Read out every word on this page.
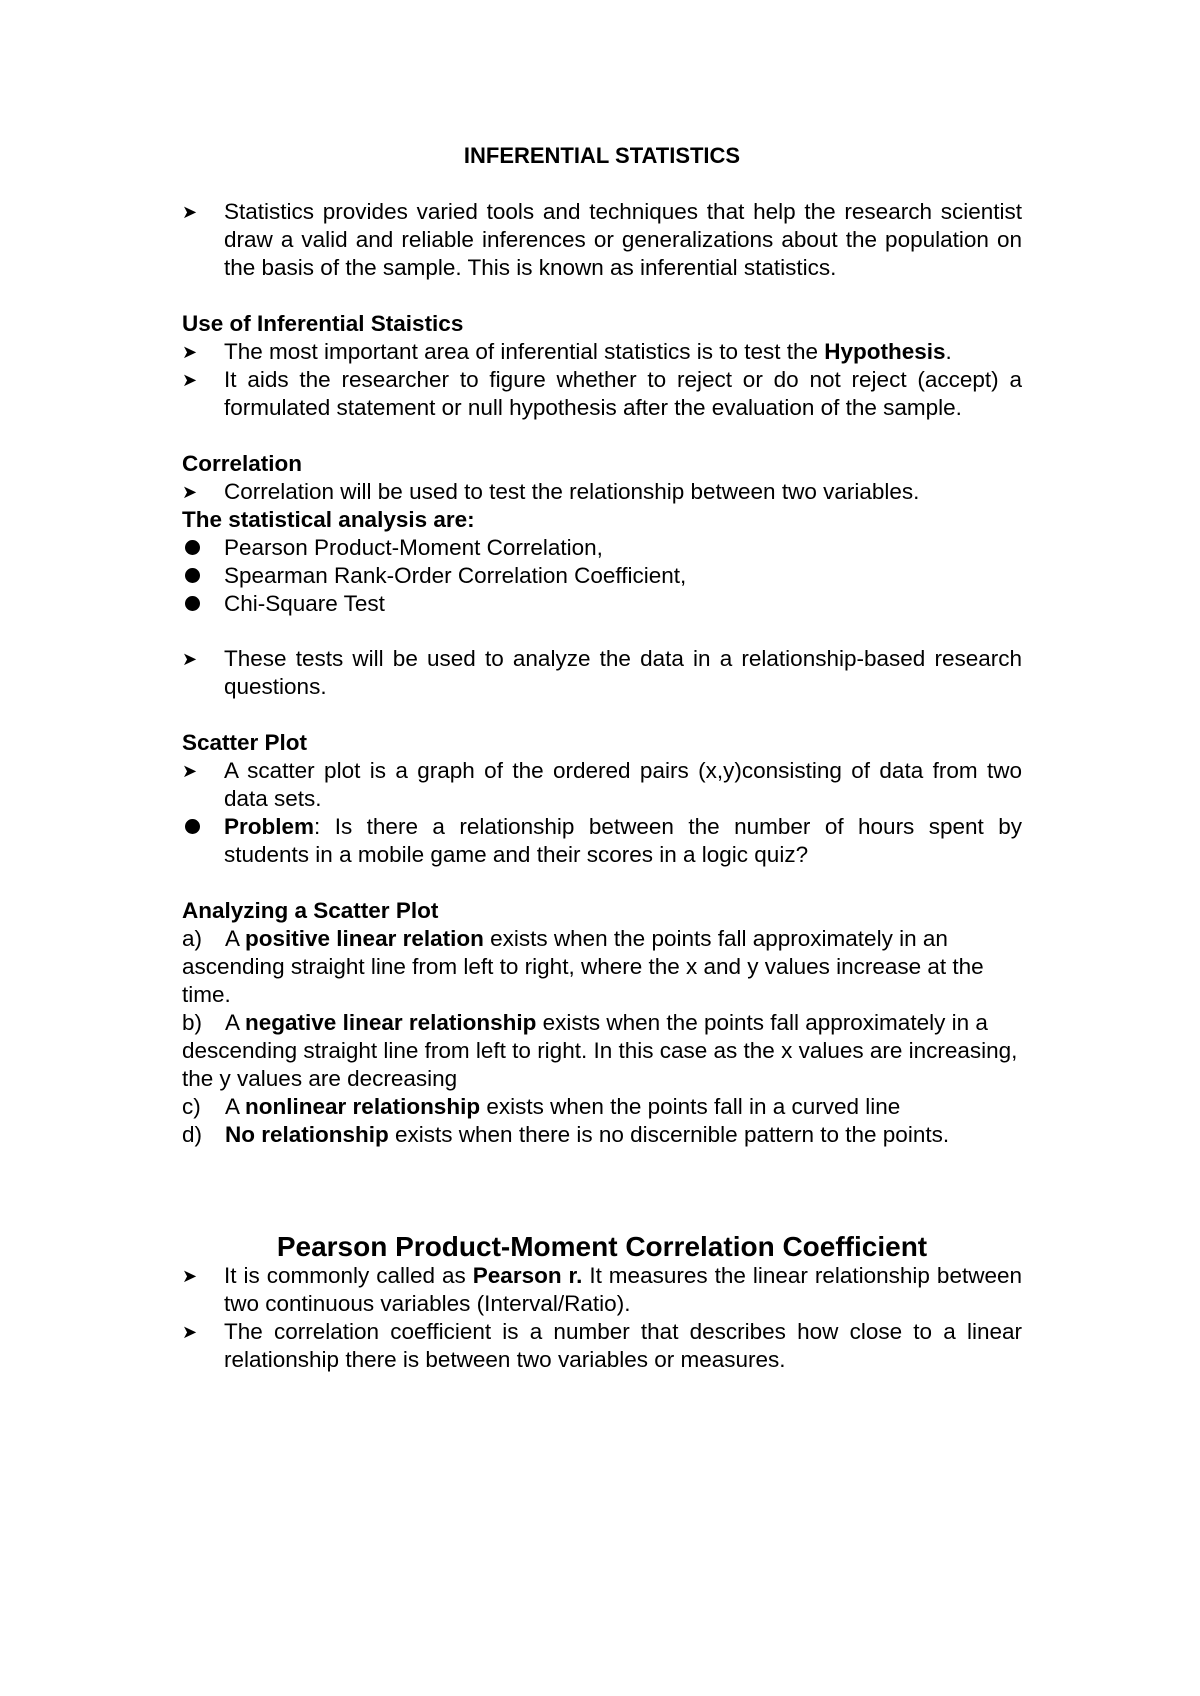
INFERENTIAL STATISTICS

➤	Statistics provides varied tools and techniques that help the research scientist draw a valid and reliable inferences or generalizations about the population on the basis of the sample. This is known as inferential statistics.

Use of Inferential Staistics

➤	The most important area of inferential statistics is to test the Hypothesis.

➤	It aids the researcher to figure whether to reject or do not reject (accept) a formulated statement or null hypothesis after the evaluation of the sample.

Correlation

➤	Correlation will be used to test the relationship between two variables.

The statistical analysis are:

Pearson Product-Moment Correlation,

Spearman Rank-Order Correlation Coefficient,

Chi-Square Test

➤	These tests will be used to analyze the data in a relationship-based research questions.

Scatter Plot

➤	A scatter plot is a graph of the ordered pairs (x,y)consisting of data from two data sets.

Problem: Is there a relationship between the number of hours spent by students in a mobile game and their scores in a logic quiz?

Analyzing a Scatter Plot

a) A positive linear relation exists when the points fall approximately in an ascending straight line from left to right, where the x and y values increase at the time.

b) A negative linear relationship exists when the points fall approximately in a descending straight line from left to right. In this case as the x values are increasing, the y values are decreasing

c) A nonlinear relationship exists when the points fall in a curved line

d) No relationship exists when there is no discernible pattern to the points.

Pearson Product-Moment Correlation Coefficient

➤	It is commonly called as Pearson r. It measures the linear relationship between two continuous variables (Interval/Ratio).

➤	The correlation coefficient is a number that describes how close to a linear relationship there is between two variables or measures.
